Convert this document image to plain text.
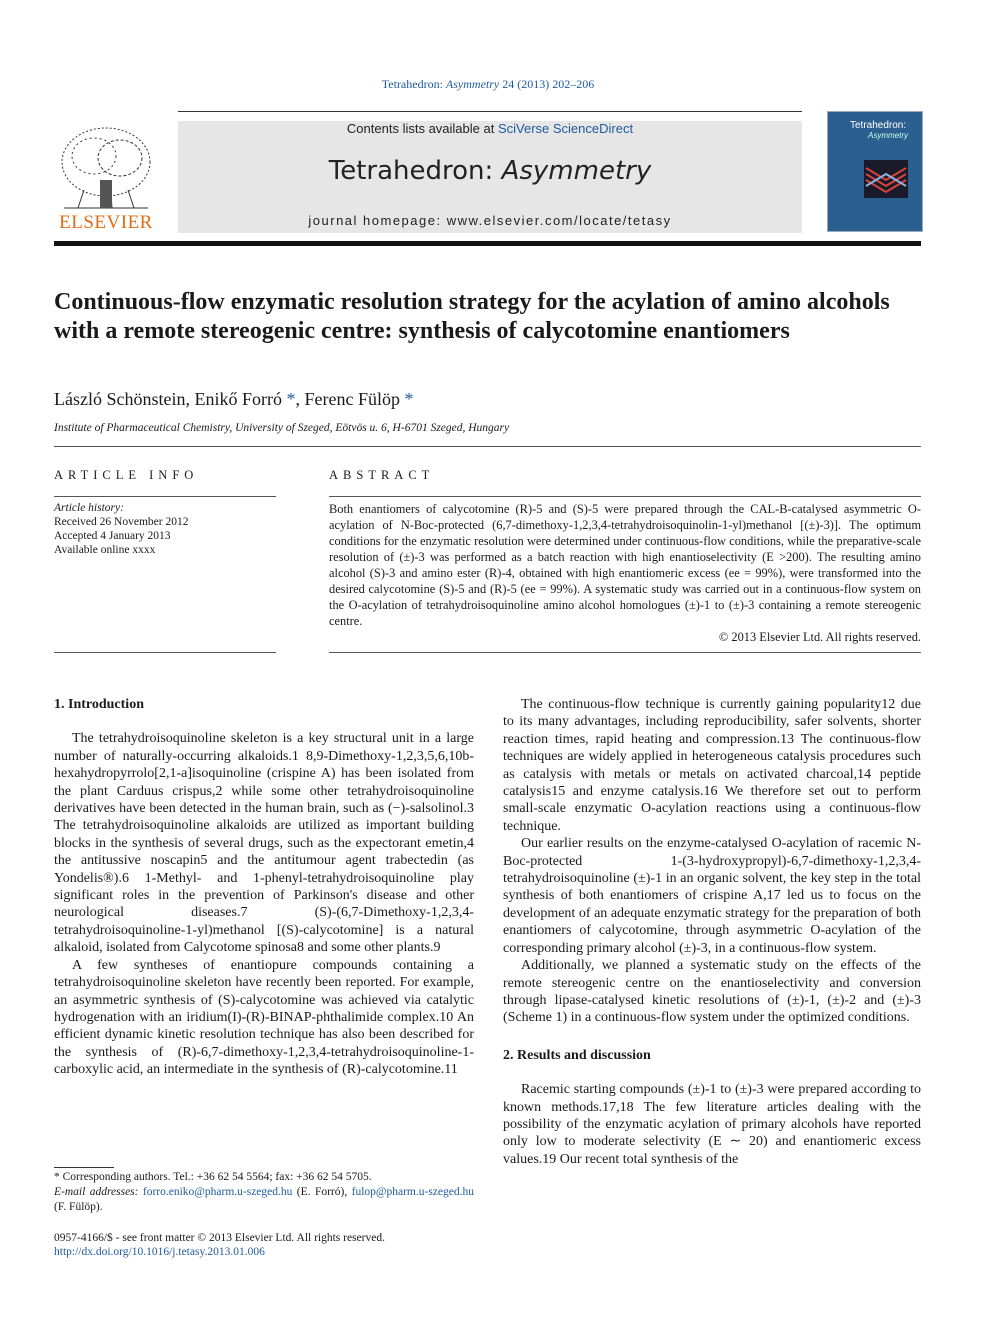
Tetrahedron: Asymmetry 24 (2013) 202–206
ELSEVIER
Contents lists available at SciVerse ScienceDirect
Tetrahedron: Asymmetry
journal homepage: www.elsevier.com/locate/tetasy
Tetrahedron:
Asymmetry
Continuous-flow enzymatic resolution strategy for the acylation of amino alcohols with a remote stereogenic centre: synthesis of calycotomine enantiomers
László Schönstein, Enikő Forró *, Ferenc Fülöp *
Institute of Pharmaceutical Chemistry, University of Szeged, Eötvös u. 6, H-6701 Szeged, Hungary
ARTICLE INFO	ABSTRACT
Article history:
Received 26 November 2012
Accepted 4 January 2013
Available online xxxx
Both enantiomers of calycotomine (R)-5 and (S)-5 were prepared through the CAL-B-catalysed asymmetric O-acylation of N-Boc-protected (6,7-dimethoxy-1,2,3,4-tetrahydroisoquinolin-1-yl)methanol [(±)-3)]. The optimum conditions for the enzymatic resolution were determined under continuous-flow conditions, while the preparative-scale resolution of (±)-3 was performed as a batch reaction with high enantioselectivity (E >200). The resulting amino alcohol (S)-3 and amino ester (R)-4, obtained with high enantiomeric excess (ee = 99%), were transformed into the desired calycotomine (S)-5 and (R)-5 (ee = 99%). A systematic study was carried out in a continuous-flow system on the O-acylation of tetrahydroisoquinoline amino alcohol homologues (±)-1 to (±)-3 containing a remote stereogenic centre.
© 2013 Elsevier Ltd. All rights reserved.
1. Introduction

The tetrahydroisoquinoline skeleton is a key structural unit in a large number of naturally-occurring alkaloids.1 8,9-Dimethoxy-1,2,3,5,6,10b-hexahydropyrrolo[2,1-a]isoquinoline (crispine A) has been isolated from the plant Carduus crispus,2 while some other tetrahydroisoquinoline derivatives have been detected in the human brain, such as (−)-salsolinol.3 The tetrahydroisoquinoline alkaloids are utilized as important building blocks in the synthesis of several drugs, such as the expectorant emetin,4 the antitussive noscapin5 and the antitumour agent trabectedin (as Yondelis®).6 1-Methyl- and 1-phenyl-tetrahydroisoquinoline play significant roles in the prevention of Parkinson's disease and other neurological diseases.7 (S)-(6,7-Dimethoxy-1,2,3,4-tetrahydroisoquinoline-1-yl)methanol [(S)-calycotomine] is a natural alkaloid, isolated from Calycotome spinosa8 and some other plants.9

A few syntheses of enantiopure compounds containing a tetrahydroisoquinoline skeleton have recently been reported. For example, an asymmetric synthesis of (S)-calycotomine was achieved via catalytic hydrogenation with an iridium(I)-(R)-BINAP-phthalimide complex.10 An efficient dynamic kinetic resolution technique has also been described for the synthesis of (R)-6,7-dimethoxy-1,2,3,4-tetrahydroisoquinoline-1-carboxylic acid, an intermediate in the synthesis of (R)-calycotomine.11

The continuous-flow technique is currently gaining popularity12 due to its many advantages, including reproducibility, safer solvents, shorter reaction times, rapid heating and compression.13 The continuous-flow techniques are widely applied in heterogeneous catalysis procedures such as catalysis with metals or metals on activated charcoal,14 peptide catalysis15 and enzyme catalysis.16 We therefore set out to perform small-scale enzymatic O-acylation reactions using a continuous-flow technique.

Our earlier results on the enzyme-catalysed O-acylation of racemic N-Boc-protected 1-(3-hydroxypropyl)-6,7-dimethoxy-1,2,3,4-tetrahydroisoquinoline (±)-1 in an organic solvent, the key step in the total synthesis of both enantiomers of crispine A,17 led us to focus on the development of an adequate enzymatic strategy for the preparation of both enantiomers of calycotomine, through asymmetric O-acylation of the corresponding primary alcohol (±)-3, in a continuous-flow system.

Additionally, we planned a systematic study on the effects of the remote stereogenic centre on the enantioselectivity and conversion through lipase-catalysed kinetic resolutions of (±)-1, (±)-2 and (±)-3 (Scheme 1) in a continuous-flow system under the optimized conditions.

2. Results and discussion

Racemic starting compounds (±)-1 to (±)-3 were prepared according to known methods.17,18 The few literature articles dealing with the possibility of the enzymatic acylation of primary alcohols have reported only low to moderate selectivity (E ∼ 20) and enantiomeric excess values.19 Our recent total synthesis of the

* Corresponding authors. Tel.: +36 62 54 5564; fax: +36 62 54 5705.
E-mail addresses: forro.eniko@pharm.u-szeged.hu (E. Forró), fulop@pharm.u-szeged.hu (F. Fülöp).
0957-4166/$ - see front matter © 2013 Elsevier Ltd. All rights reserved.
http://dx.doi.org/10.1016/j.tetasy.2013.01.006
